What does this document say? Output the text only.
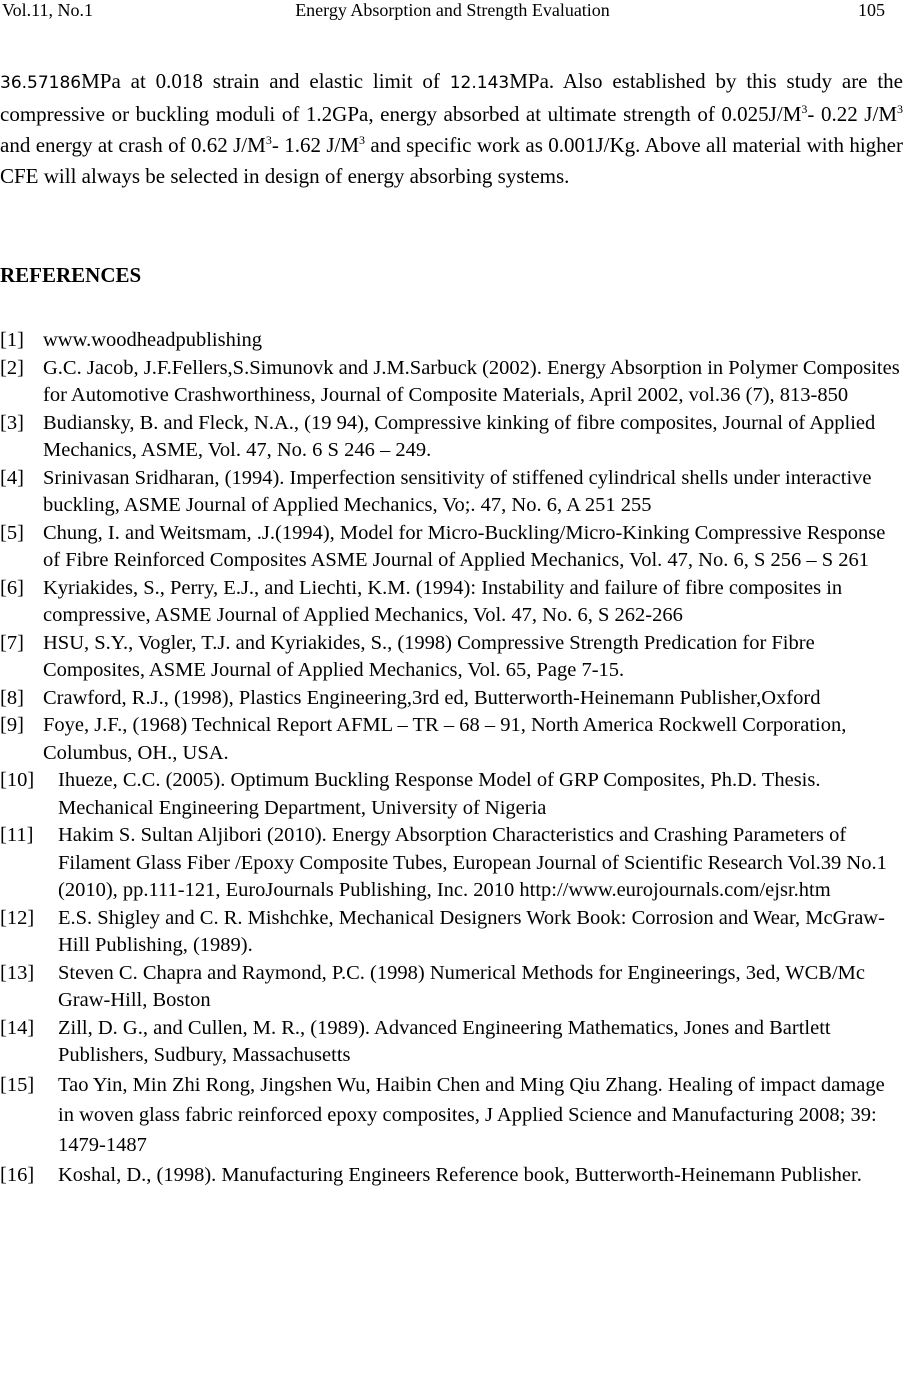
Vol.11, No.1	Energy Absorption and Strength Evaluation	105

36.57186MPa at 0.018 strain and elastic limit of 12.143MPa. Also established by this study are the compressive or buckling moduli of 1.2GPa, energy absorbed at ultimate strength of $0.025J/M^3-$ 0.22 $J/M^3$ and energy at crash of 0.62 $J/M^3-$ 1.62 $J/M^3$ and specific work as 0.001J/Kg. Above all material with higher CFE will always be selected in design of energy absorbing systems.

REFERENCES
[1] www.woodheadpublishing
[2] G.C. Jacob, J.F.Fellers,S.Simunovk and J.M.Sarbuck (2002). Energy Absorption in Polymer Composites for Automotive Crashworthiness, Journal of Composite Materials, April 2002, vol.36 (7), 813-850
[3] Budiansky, B. and Fleck, N.A., (19 94), Compressive kinking of fibre composites, Journal of Applied Mechanics, ASME, Vol. 47, No. 6 S 246 – 249.
[4] Srinivasan Sridharan, (1994). Imperfection sensitivity of stiffened cylindrical shells under interactive buckling, ASME Journal of Applied Mechanics, Vo;. 47, No. 6, A 251 255
[5] Chung, I. and Weitsmam, .J.(1994), Model for Micro-Buckling/Micro-Kinking Compressive Response of Fibre Reinforced Composites ASME Journal of Applied Mechanics, Vol. 47, No. 6, S 256 – S 261
[6] Kyriakides, S., Perry, E.J., and Liechti, K.M. (1994): Instability and failure of fibre composites in compressive, ASME Journal of Applied Mechanics, Vol. 47, No. 6, S 262-266
[7] HSU, S.Y., Vogler, T.J. and Kyriakides, S., (1998) Compressive Strength Predication for Fibre Composites, ASME Journal of Applied Mechanics, Vol. 65, Page 7-15.
[8] Crawford, R.J., (1998), Plastics Engineering,3rd ed, Butterworth-Heinemann Publisher,Oxford
[9] Foye, J.F., (1968) Technical Report AFML – TR – 68 – 91, North America Rockwell Corporation, Columbus, OH., USA.
[10] Ihueze, C.C. (2005). Optimum Buckling Response Model of GRP Composites, Ph.D. Thesis. Mechanical Engineering Department, University of Nigeria
[11] Hakim S. Sultan Aljibori (2010). Energy Absorption Characteristics and Crashing Parameters of Filament Glass Fiber /Epoxy Composite Tubes, European Journal of Scientific Research Vol.39 No.1 (2010), pp.111-121, EuroJournals Publishing, Inc. 2010 http://www.eurojournals.com/ejsr.htm
[12] E.S. Shigley and C. R. Mishchke, Mechanical Designers Work Book: Corrosion and Wear, McGraw-Hill Publishing, (1989).
[13] Steven C. Chapra and Raymond, P.C. (1998) Numerical Methods for Engineerings, 3ed, WCB/Mc Graw-Hill, Boston
[14] Zill, D. G., and Cullen, M. R., (1989). Advanced Engineering Mathematics, Jones and Bartlett Publishers, Sudbury, Massachusetts
[15] Tao Yin, Min Zhi Rong, Jingshen Wu, Haibin Chen and Ming Qiu Zhang. Healing of impact damage in woven glass fabric reinforced epoxy composites, J Applied Science and Manufacturing 2008; 39: 1479-1487
[16] Koshal, D., (1998). Manufacturing Engineers Reference book, Butterworth-Heinemann Publisher.
